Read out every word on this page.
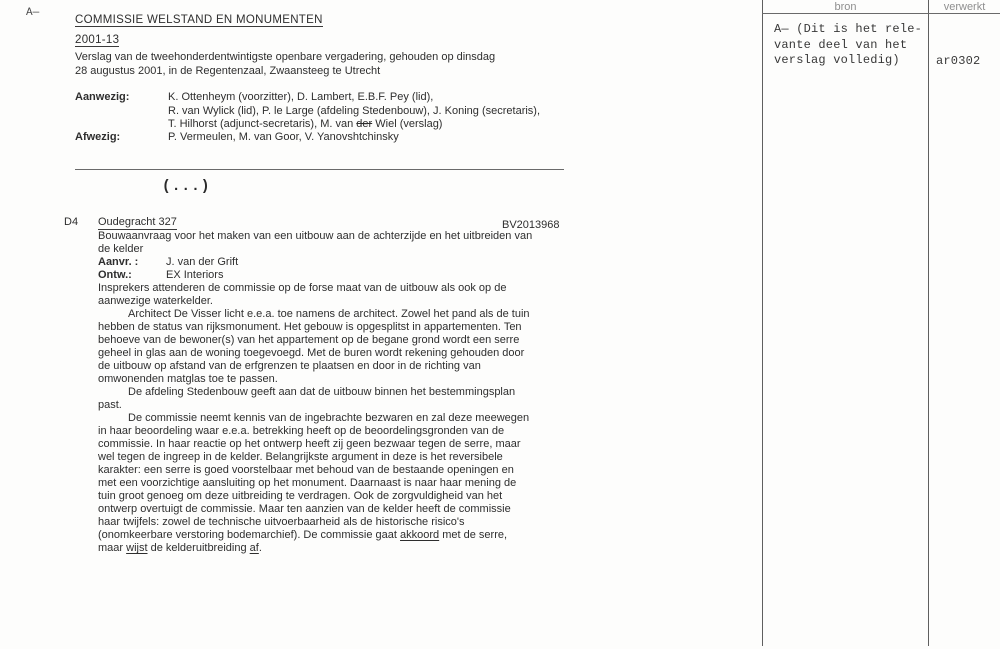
A—
COMMISSIE WELSTAND EN MONUMENTEN
2001-13
Verslag van de tweehonderdentwintigste openbare vergadering, gehouden op dinsdag
28 augustus 2001, in de Regentenzaal, Zwaansteeg te Utrecht
Aanwezig:	K. Ottenheym (voorzitter), D. Lambert, E.B.F. Pey (lid),
R. van Wylick (lid), P. le Large (afdeling Stedenbouw), J. Koning (secretaris),
T. Hilhorst (adjunct-secretaris), M. van der Wiel (verslag)
Afwezig:	P. Vermeulen, M. van Goor, V. Yanovshtchinsky
(...)
D4 Oudegracht 327	BV2013968
Bouwaanvraag voor het maken van een uitbouw aan de achterzijde en het uitbreiden van
de kelder
Aanvr. :	J. van der Grift
Ontw.:	EX Interiors
Insprekers attenderen de commissie op de forse maat van de uitbouw als ook op de
aanwezige waterkelder.
Architect De Visser licht e.e.a. toe namens de architect. Zowel het pand als de tuin
hebben de status van rijksmonument. Het gebouw is opgesplitst in appartementen. Ten
behoeve van de bewoner(s) van het appartement op de begane grond wordt een serre
geheel in glas aan de woning toegevoegd. Met de buren wordt rekening gehouden door
de uitbouw op afstand van de erfgrenzen te plaatsen en door in de richting van
omwonenden matglas toe te passen.
De afdeling Stedenbouw geeft aan dat de uitbouw binnen het bestemmingsplan
past.
De commissie neemt kennis van de ingebrachte bezwaren en zal deze meewegen
in haar beoordeling waar e.e.a. betrekking heeft op de beoordelingsgronden van de
commissie. In haar reactie op het ontwerp heeft zij geen bezwaar tegen de serre, maar
wel tegen de ingreep in de kelder. Belangrijkste argument in deze is het reversibele
karakter: een serre is goed voorstelbaar met behoud van de bestaande openingen en
met een voorzichtige aansluiting op het monument. Daarnaast is naar haar mening de
tuin groot genoeg om deze uitbreiding te verdragen. Ook de zorgvuldigheid van het
ontwerp overtuigt de commissie. Maar ten aanzien van de kelder heeft de commissie
haar twijfels: zowel de technische uitvoerbaarheid als de historische risico's
(onomkeerbare verstoring bodemarchief). De commissie gaat akkoord met de serre,
maar wijst de kelderuitbreiding af.
bron	verwerkt
A— (Dit is het rele-
vante deel van het
verslag volledig)	ar0302
